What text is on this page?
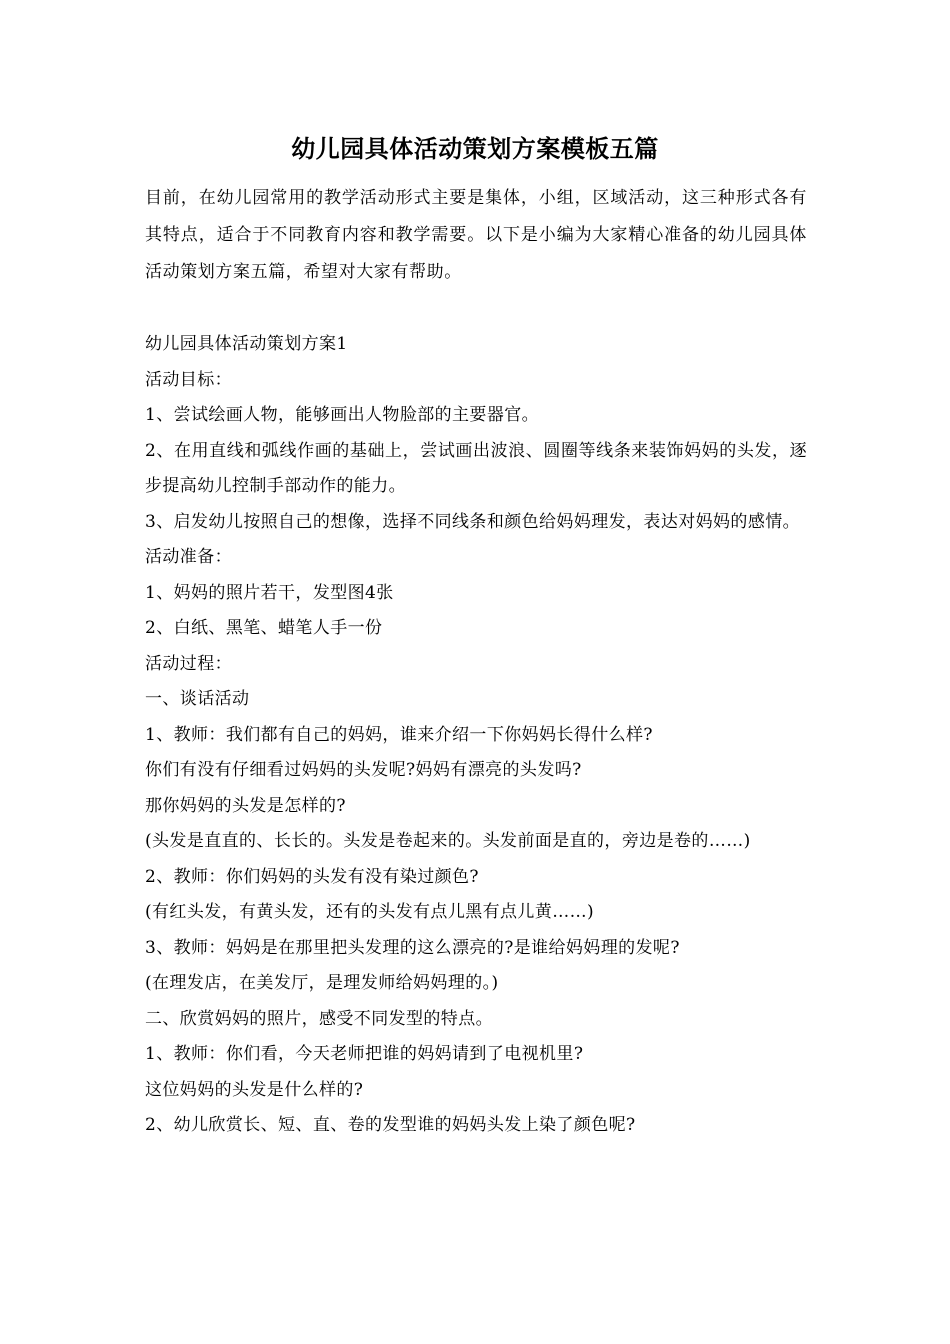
幼儿园具体活动策划方案模板五篇

目前，在幼儿园常用的教学活动形式主要是集体，小组，区域活动，这三种形式各有其特点，适合于不同教育内容和教学需要。以下是小编为大家精心准备的幼儿园具体活动策划方案五篇，希望对大家有帮助。

幼儿园具体活动策划方案1

活动目标：

1、尝试绘画人物，能够画出人物脸部的主要器官。

2、在用直线和弧线作画的基础上，尝试画出波浪、圆圈等线条来装饰妈妈的头发，逐步提高幼儿控制手部动作的能力。

3、启发幼儿按照自己的想像，选择不同线条和颜色给妈妈理发，表达对妈妈的感情。

活动准备：

1、妈妈的照片若干，发型图4张

2、白纸、黑笔、蜡笔人手一份

活动过程：

一、谈话活动

1、教师：我们都有自己的妈妈，谁来介绍一下你妈妈长得什么样?

你们有没有仔细看过妈妈的头发呢?妈妈有漂亮的头发吗?

那你妈妈的头发是怎样的?

(头发是直直的、长长的。头发是卷起来的。头发前面是直的，旁边是卷的……)

2、教师：你们妈妈的头发有没有染过颜色?

(有红头发，有黄头发，还有的头发有点儿黑有点儿黄……)

3、教师：妈妈是在那里把头发理的这么漂亮的?是谁给妈妈理的发呢?

(在理发店，在美发厅，是理发师给妈妈理的。)

二、欣赏妈妈的照片，感受不同发型的特点。

1、教师：你们看，今天老师把谁的妈妈请到了电视机里?

这位妈妈的头发是什么样的?

2、幼儿欣赏长、短、直、卷的发型谁的妈妈头发上染了颜色呢?
